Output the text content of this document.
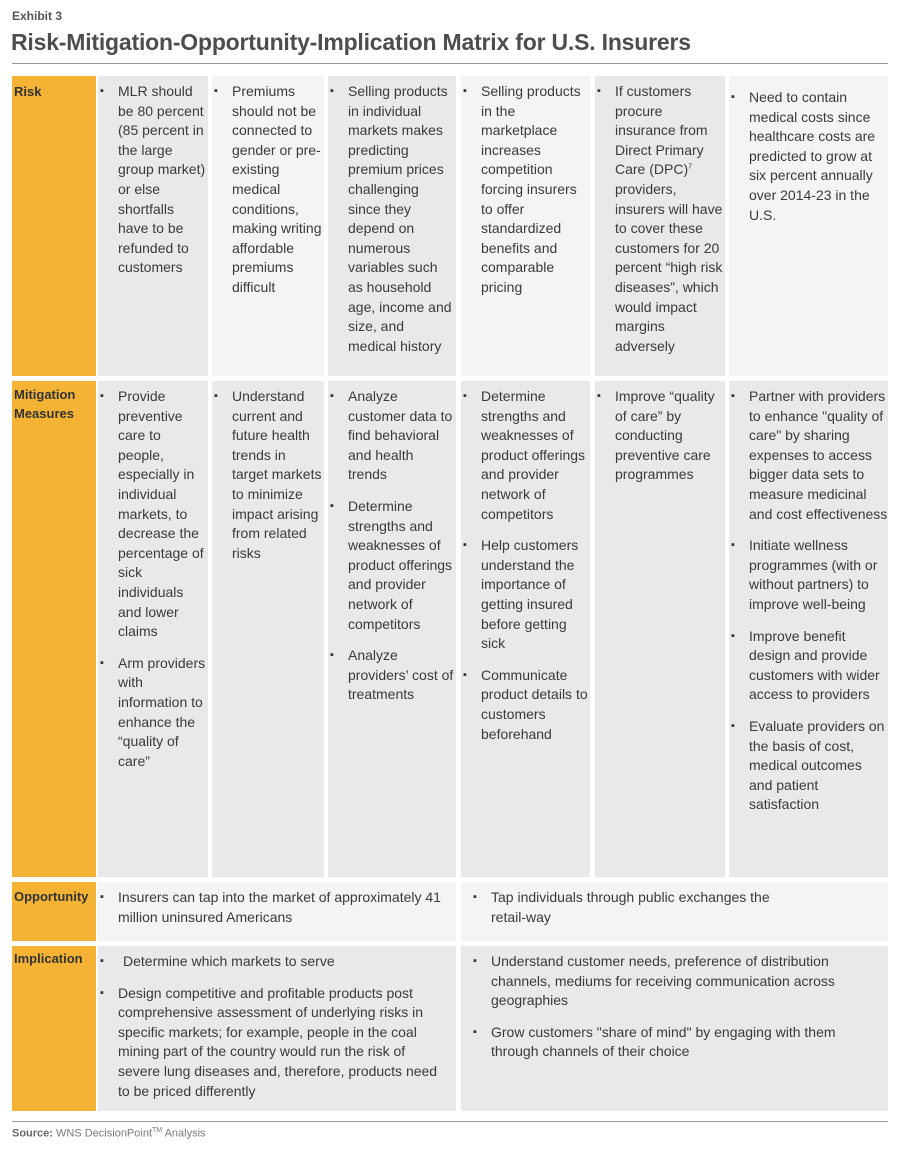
Exhibit 3
Risk-Mitigation-Opportunity-Implication Matrix for U.S. Insurers
Risk
Mitigation Measures
Opportunity
Implication
▪ MLR should be 80 percent (85 percent in the large group market) or else shortfalls have to be refunded to customers
▪ Premiums should not be connected to gender or pre-existing medical conditions, making writing affordable premiums difficult
▪ Selling products in individual markets makes predicting premium prices challenging since they depend on numerous variables such as household age, income and size, and medical history
▪ Selling products in the marketplace increases competition forcing insurers to offer standardized benefits and comparable pricing
▪ If customers procure insurance from Direct Primary Care (DPC)$^7$ providers, insurers will have to cover these customers for 20 percent “high risk diseases”, which would impact margins adversely
▪ Need to contain medical costs since healthcare costs are predicted to grow at six percent annually over 2014-23 in the U.S.
▪ Provide preventive care to people, especially in individual markets, to decrease the percentage of sick individuals and lower claims
▪ Arm providers with information to enhance the “quality of care”
▪ Understand current and future health trends in target markets to minimize impact arising from related risks
▪ Analyze customer data to find behavioral and health trends
▪ Determine strengths and weaknesses of product offerings and provider network of competitors
▪ Analyze providers’ cost of treatments
▪ Determine strengths and weaknesses of product offerings and provider network of competitors
▪ Help customers understand the importance of getting insured before getting sick
▪ Communicate product details to customers beforehand
▪ Improve “quality of care” by conducting preventive care programmes
▪ Partner with providers to enhance "quality of care" by sharing expenses to access bigger data sets to measure medicinal and cost effectiveness
▪ Initiate wellness programmes (with or without partners) to improve well-being
▪ Improve benefit design and provide customers with wider access to providers
▪ Evaluate providers on the basis of cost, medical outcomes and patient satisfaction
▪ Insurers can tap into the market of approximately 41 million uninsured Americans
▪ Tap individuals through public exchanges the retail-way
▪ Determine which markets to serve
▪ Design competitive and profitable products post comprehensive assessment of underlying risks in specific markets; for example, people in the coal mining part of the country would run the risk of severe lung diseases and, therefore, products need to be priced differently
▪ Understand customer needs, preference of distribution channels, mediums for receiving communication across geographies
▪ Grow customers "share of mind" by engaging with them through channels of their choice
Source: WNS DecisionPoint™ Analysis
